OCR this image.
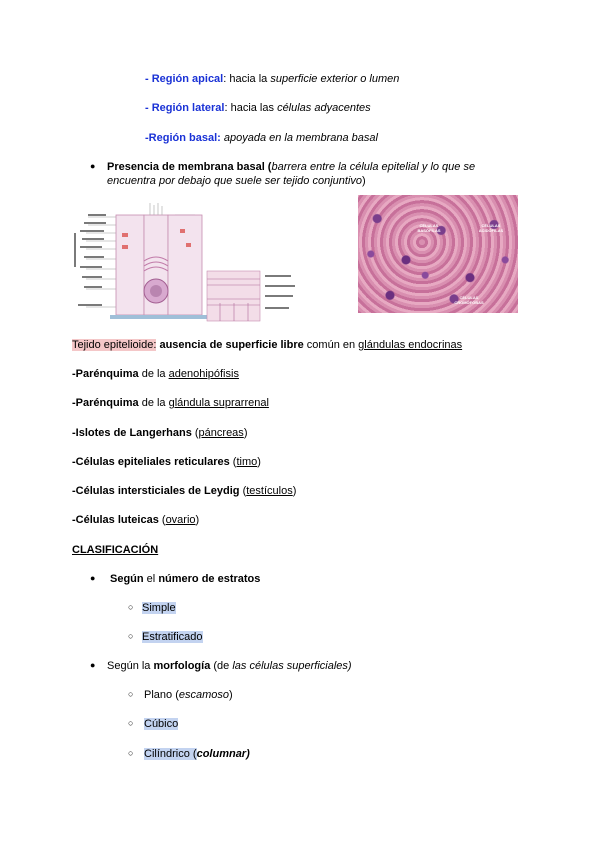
- Región apical: hacia la superficie exterior o lumen
- Región lateral: hacia las células adyacentes
-Región basal: apoyada en la membrana basal
● Presencia de membrana basal (barrera entre la célula epitelial y lo que se
encuentra por debajo que suele ser tejido conjuntivo)
CÉLULAS BASÓFILAS
CÉLULAS ACIDÓFILAS
CÉLULAS CROMÓFOBAS
Tejido epitelioide: ausencia de superficie libre común en glándulas endocrinas
-Parénquima de la adenohipófisis
-Parénquima de la glándula suprarrenal
-Islotes de Langerhans (páncreas)
-Células epiteliales reticulares (timo)
-Células intersticiales de Leydig (testículos)
-Células luteicas (ovario)
CLASIFICACIÓN
● Según el número de estratos
○ Simple
○ Estratificado
● Según la morfología (de las células superficiales)
○ Plano (escamoso)
○ Cúbico
○ Cilíndrico (columnar)
